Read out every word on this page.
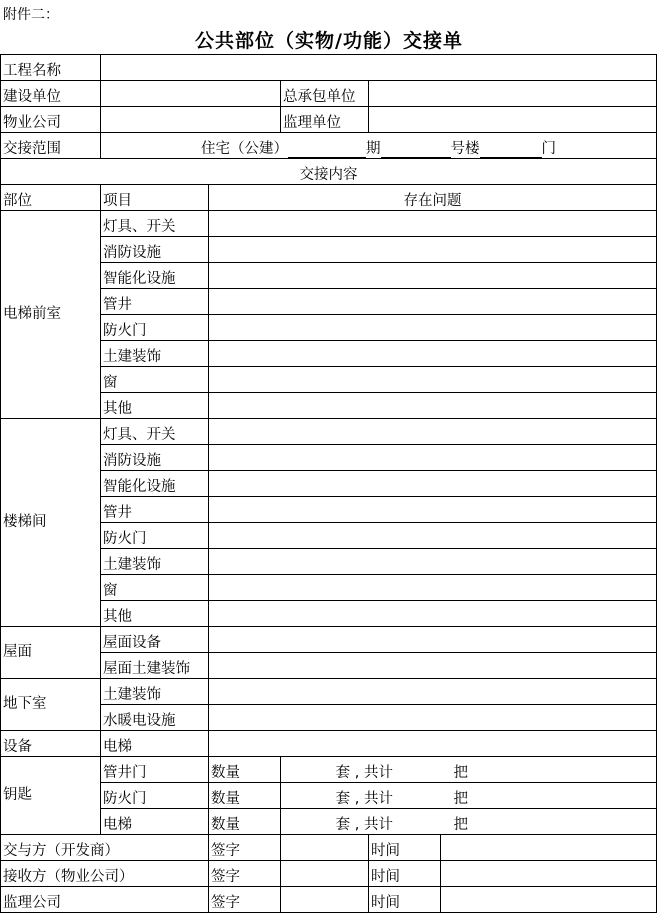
附件二：
公共部位（实物/功能）交接单
工程名称					
建设单位			总承包单位		
物业公司			监理单位		
交接范围	住宅（公建） 期 号楼 门				
交接内容					
部位	项目	存在问题			
电梯前室	灯具、开关				
	消防设施				
	智能化设施				
	管井				
	防火门				
	土建装饰				
	窗				
	其他				
楼梯间	灯具、开关				
	消防设施				
	智能化设施				
	管井				
	防火门				
	土建装饰				
	窗				
	其他				
屋面	屋面设备				
	屋面土建装饰				
地下室	土建装饰				
	水暖电设施				
设备	电梯				
钥匙	管井门	数量	套 , 共计 把		
	防火门	数量	套 , 共计 把		
	电梯	数量	套 , 共计 把		
交与方（开发商）		签字		时间	
接收方（物业公司）		签字		时间	
监理公司		签字		时间	
